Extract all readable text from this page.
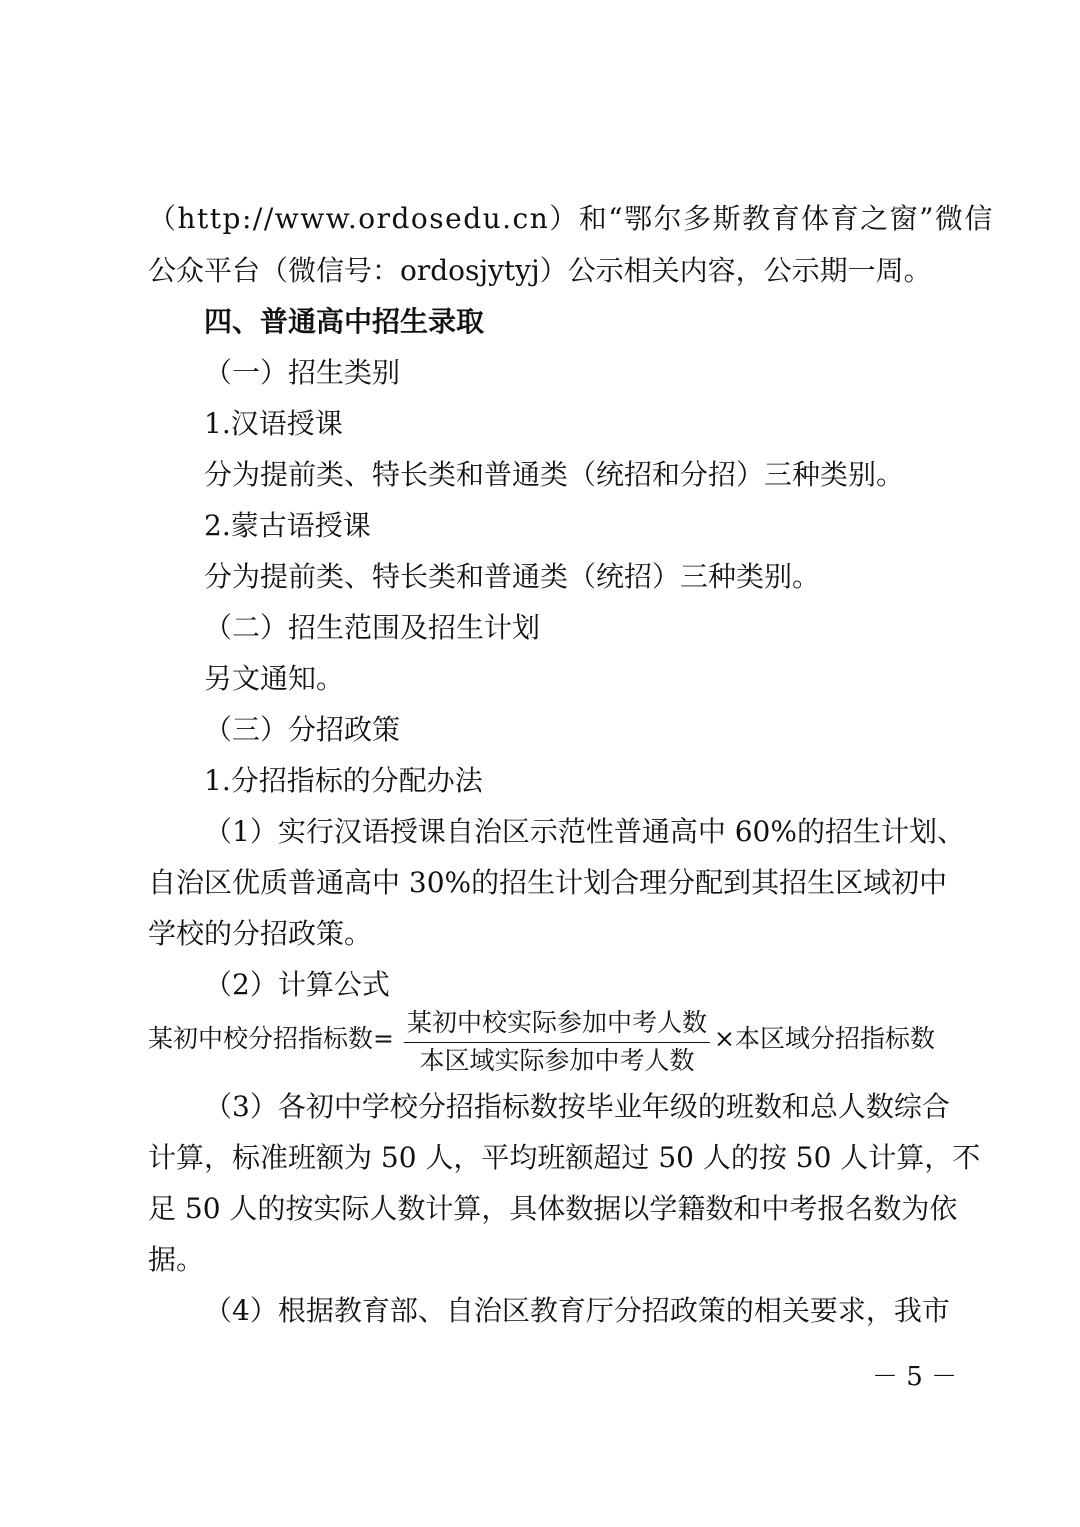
（http://www.ordosedu.cn）和“鄂尔多斯教育体育之窗”微信
公众平台（微信号：ordosjytyj）公示相关内容，公示期一周。
四、普通高中招生录取
（一）招生类别
1.汉语授课
分为提前类、特长类和普通类（统招和分招）三种类别。
2.蒙古语授课
分为提前类、特长类和普通类（统招）三种类别。
（二）招生范围及招生计划
另文通知。
（三）分招政策
1.分招指标的分配办法
（1）实行汉语授课自治区示范性普通高中 60%的招生计划、
自治区优质普通高中 30%的招生计划合理分配到其招生区域初中
学校的分招政策。
（2）计算公式
某初中校分招指标数=
某初中校实际参加中考人数
本区域实际参加中考人数
×本区域分招指标数
（3）各初中学校分招指标数按毕业年级的班数和总人数综合
计算，标准班额为 50 人，平均班额超过 50 人的按 50 人计算，不
足 50 人的按实际人数计算，具体数据以学籍数和中考报名数为依
据。
（4）根据教育部、自治区教育厅分招政策的相关要求，我市
－ 5 －
